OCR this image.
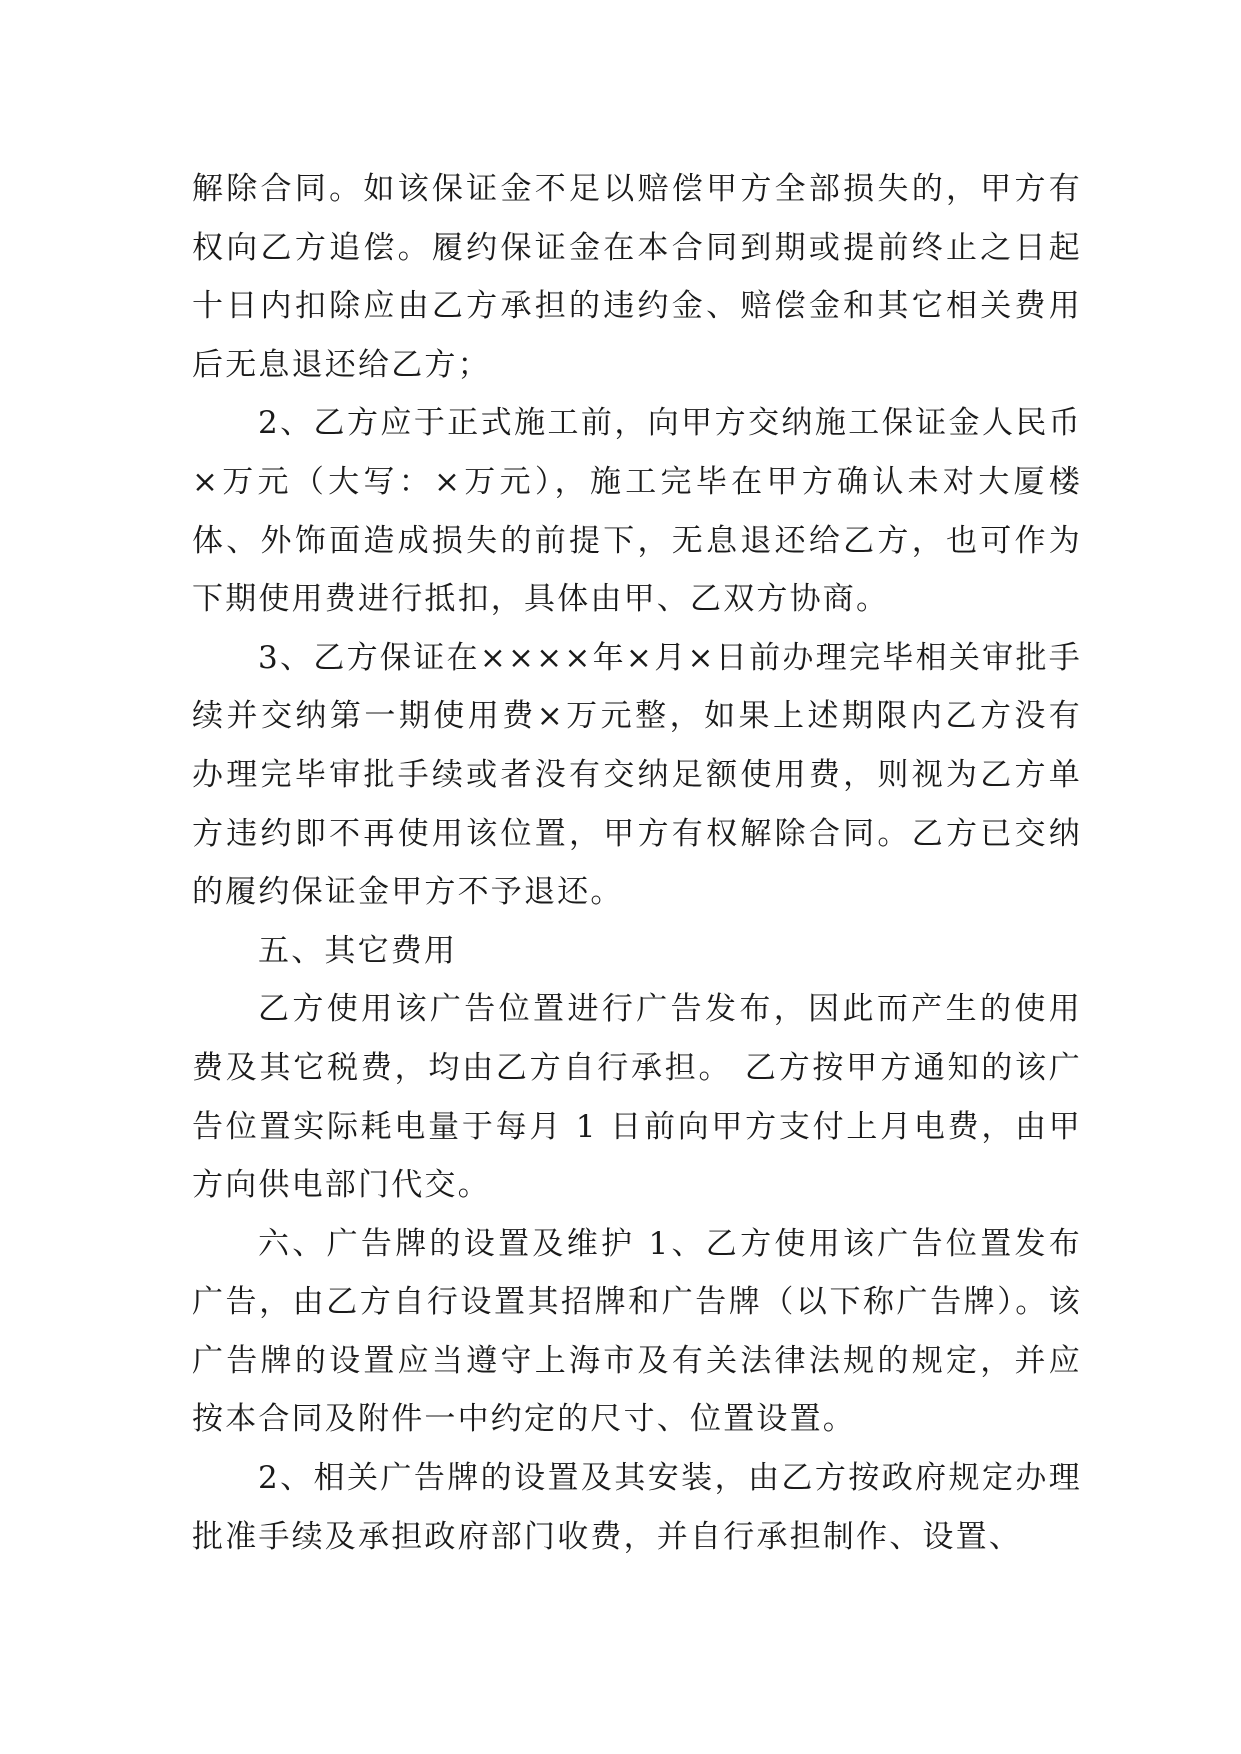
解除合同。如该保证金不足以赔偿甲方全部损失的，甲方有权向乙方追偿。履约保证金在本合同到期或提前终止之日起十日内扣除应由乙方承担的违约金、赔偿金和其它相关费用后无息退还给乙方；

2、乙方应于正式施工前，向甲方交纳施工保证金人民币×万元（大写：×万元），施工完毕在甲方确认未对大厦楼体、外饰面造成损失的前提下，无息退还给乙方，也可作为下期使用费进行抵扣，具体由甲、乙双方协商。

3、乙方保证在××××年×月×日前办理完毕相关审批手续并交纳第一期使用费×万元整，如果上述期限内乙方没有办理完毕审批手续或者没有交纳足额使用费，则视为乙方单方违约即不再使用该位置，甲方有权解除合同。乙方已交纳的履约保证金甲方不予退还。

五、其它费用

乙方使用该广告位置进行广告发布，因此而产生的使用费及其它税费，均由乙方自行承担。 乙方按甲方通知的该广告位置实际耗电量于每月 1 日前向甲方支付上月电费，由甲方向供电部门代交。

六、广告牌的设置及维护 1、乙方使用该广告位置发布广告，由乙方自行设置其招牌和广告牌（以下称广告牌）。该广告牌的设置应当遵守上海市及有关法律法规的规定，并应按本合同及附件一中约定的尺寸、位置设置。

2、相关广告牌的设置及其安装，由乙方按政府规定办理批准手续及承担政府部门收费，并自行承担制作、设置、
